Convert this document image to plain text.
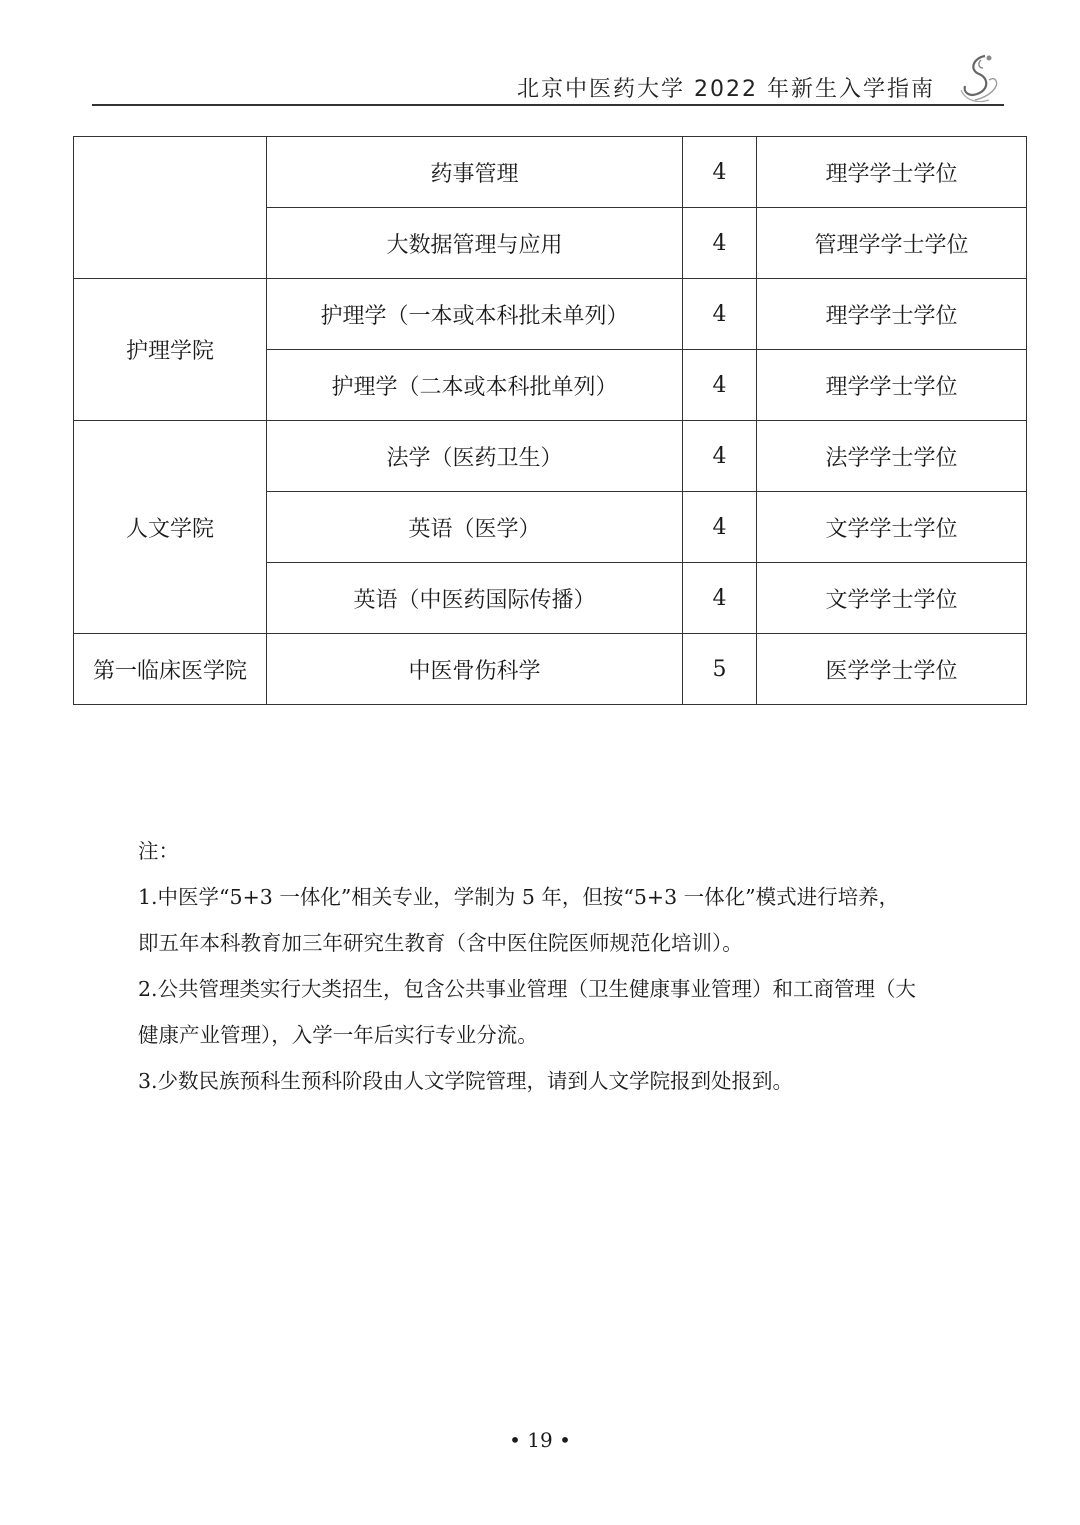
北京中医药大学 2022 年新生入学指南
	药事管理	4	理学学士学位
	大数据管理与应用	4	管理学学士学位
护理学院	护理学（一本或本科批未单列）	4	理学学士学位
	护理学（二本或本科批单列）	4	理学学士学位
人文学院	法学（医药卫生）	4	法学学士学位
	英语（医学）	4	文学学士学位
	英语（中医药国际传播）	4	文学学士学位
第一临床医学院	中医骨伤科学	5	医学学士学位

注：

1.中医学“5+3 一体化”相关专业，学制为 5 年，但按“5+3 一体化”模式进行培养，

即五年本科教育加三年研究生教育（含中医住院医师规范化培训）。

2.公共管理类实行大类招生，包含公共事业管理（卫生健康事业管理）和工商管理（大

健康产业管理），入学一年后实行专业分流。

3.少数民族预科生预科阶段由人文学院管理，请到人文学院报到处报到。

• 19 •
